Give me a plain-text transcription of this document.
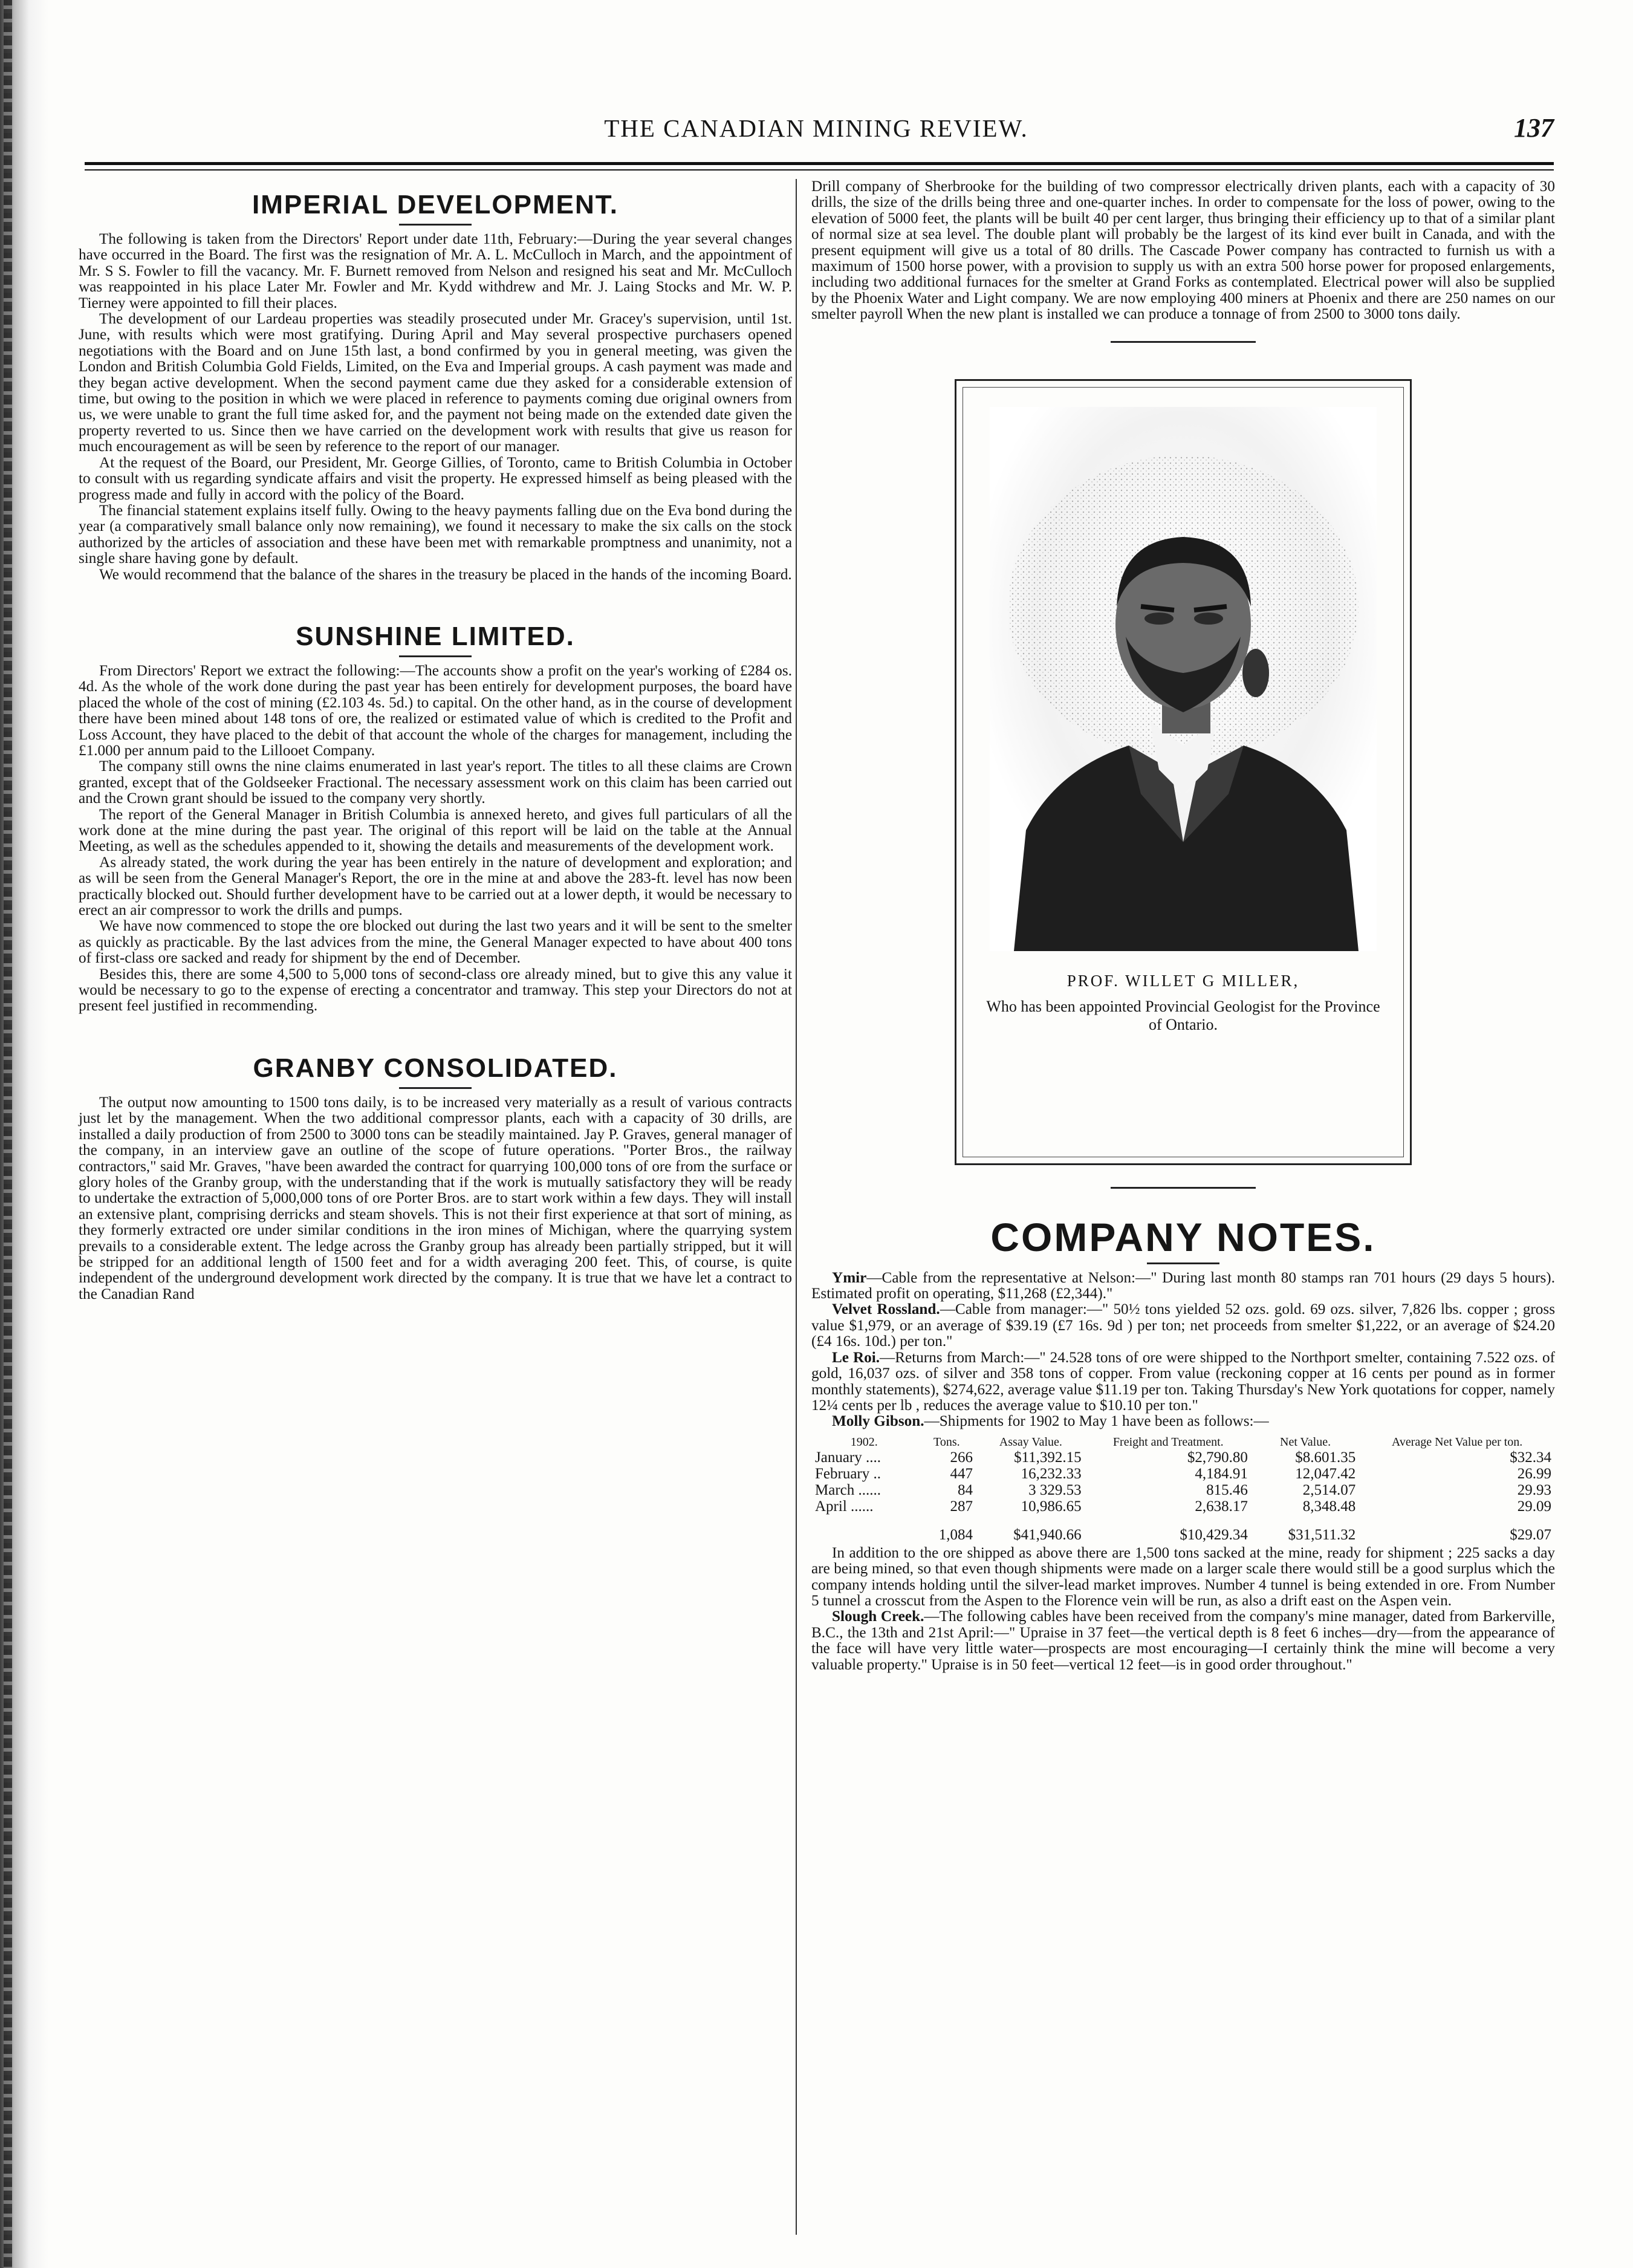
THE CANADIAN MINING REVIEW.	137
IMPERIAL DEVELOPMENT.

The following is taken from the Directors' Report under date 11th, February:—During the year several changes have occurred in the Board. The first was the resignation of Mr. A. L. McCulloch in March, and the appointment of Mr. S S. Fowler to fill the vacancy. Mr. F. Burnett removed from Nelson and resigned his seat and Mr. McCulloch was reappointed in his place Later Mr. Fowler and Mr. Kydd withdrew and Mr. J. Laing Stocks and Mr. W. P. Tierney were appointed to fill their places.

The development of our Lardeau properties was steadily prosecuted under Mr. Gracey's supervision, until 1st. June, with results which were most gratifying. During April and May several prospective purchasers opened negotiations with the Board and on June 15th last, a bond confirmed by you in general meeting, was given the London and British Columbia Gold Fields, Limited, on the Eva and Imperial groups. A cash payment was made and they began active development. When the second payment came due they asked for a considerable extension of time, but owing to the position in which we were placed in reference to payments coming due original owners from us, we were unable to grant the full time asked for, and the payment not being made on the extended date given the property reverted to us. Since then we have carried on the development work with results that give us reason for much encouragement as will be seen by reference to the report of our manager.

At the request of the Board, our President, Mr. George Gillies, of Toronto, came to British Columbia in October to consult with us regarding syndicate affairs and visit the property. He expressed himself as being pleased with the progress made and fully in accord with the policy of the Board.

The financial statement explains itself fully. Owing to the heavy payments falling due on the Eva bond during the year (a comparatively small balance only now remaining), we found it necessary to make the six calls on the stock authorized by the articles of association and these have been met with remarkable promptness and unanimity, not a single share having gone by default.

We would recommend that the balance of the shares in the treasury be placed in the hands of the incoming Board.

SUNSHINE LIMITED.

From Directors' Report we extract the following:—The accounts show a profit on the year's working of £284 os. 4d. As the whole of the work done during the past year has been entirely for development purposes, the board have placed the whole of the cost of mining (£2.103 4s. 5d.) to capital. On the other hand, as in the course of development there have been mined about 148 tons of ore, the realized or estimated value of which is credited to the Profit and Loss Account, they have placed to the debit of that account the whole of the charges for management, including the £1.000 per annum paid to the Lillooet Company.

The company still owns the nine claims enumerated in last year's report. The titles to all these claims are Crown granted, except that of the Goldseeker Fractional. The necessary assessment work on this claim has been carried out and the Crown grant should be issued to the company very shortly.

The report of the General Manager in British Columbia is annexed hereto, and gives full particulars of all the work done at the mine during the past year. The original of this report will be laid on the table at the Annual Meeting, as well as the schedules appended to it, showing the details and measurements of the development work.

As already stated, the work during the year has been entirely in the nature of development and exploration; and as will be seen from the General Manager's Report, the ore in the mine at and above the 283-ft. level has now been practically blocked out. Should further development have to be carried out at a lower depth, it would be necessary to erect an air compressor to work the drills and pumps.

We have now commenced to stope the ore blocked out during the last two years and it will be sent to the smelter as quickly as practicable. By the last advices from the mine, the General Manager expected to have about 400 tons of first-class ore sacked and ready for shipment by the end of December.

Besides this, there are some 4,500 to 5,000 tons of second-class ore already mined, but to give this any value it would be necessary to go to the expense of erecting a concentrator and tramway. This step your Directors do not at present feel justified in recommending.

GRANBY CONSOLIDATED.

The output now amounting to 1500 tons daily, is to be increased very materially as a result of various contracts just let by the management. When the two additional compressor plants, each with a capacity of 30 drills, are installed a daily production of from 2500 to 3000 tons can be steadily maintained. Jay P. Graves, general manager of the company, in an interview gave an outline of the scope of future operations. "Porter Bros., the railway contractors," said Mr. Graves, "have been awarded the contract for quarrying 100,000 tons of ore from the surface or glory holes of the Granby group, with the understanding that if the work is mutually satisfactory they will be ready to undertake the extraction of 5,000,000 tons of ore Porter Bros. are to start work within a few days. They will install an extensive plant, comprising derricks and steam shovels. This is not their first experience at that sort of mining, as they formerly extracted ore under similar conditions in the iron mines of Michigan, where the quarrying system prevails to a considerable extent. The ledge across the Granby group has already been partially stripped, but it will be stripped for an additional length of 1500 feet and for a width averaging 200 feet. This, of course, is quite independent of the underground development work directed by the company. It is true that we have let a contract to the Canadian Rand

Drill company of Sherbrooke for the building of two compressor electrically driven plants, each with a capacity of 30 drills, the size of the drills being three and one-quarter inches. In order to compensate for the loss of power, owing to the elevation of 5000 feet, the plants will be built 40 per cent larger, thus bringing their efficiency up to that of a similar plant of normal size at sea level. The double plant will probably be the largest of its kind ever built in Canada, and with the present equipment will give us a total of 80 drills. The Cascade Power company has contracted to furnish us with a maximum of 1500 horse power, with a provision to supply us with an extra 500 horse power for proposed enlargements, including two additional furnaces for the smelter at Grand Forks as contemplated. Electrical power will also be supplied by the Phoenix Water and Light company. We are now employing 400 miners at Phoenix and there are 250 names on our smelter payroll When the new plant is installed we can produce a tonnage of from 2500 to 3000 tons daily.

PROF. WILLET G MILLER,
Who has been appointed Provincial Geologist for the Province of Ontario.
COMPANY NOTES.

Ymir—Cable from the representative at Nelson:—" During last month 80 stamps ran 701 hours (29 days 5 hours). Estimated profit on operating, $11,268 (£2,344)."

Velvet Rossland.—Cable from manager:—" 50½ tons yielded 52 ozs. gold. 69 ozs. silver, 7,826 lbs. copper ; gross value $1,979, or an average of $39.19 (£7 16s. 9d ) per ton; net proceeds from smelter $1,222, or an average of $24.20 (£4 16s. 10d.) per ton."

Le Roi.—Returns from March:—" 24.528 tons of ore were shipped to the Northport smelter, containing 7.522 ozs. of gold, 16,037 ozs. of silver and 358 tons of copper. From value (reckoning copper at 16 cents per pound as in former monthly statements), $274,622, average value $11.19 per ton. Taking Thursday's New York quotations for copper, namely 12¼ cents per lb , reduces the average value to $10.10 per ton."

Molly Gibson.—Shipments for 1902 to May 1 have been as follows:—

1902.	Tons.	Assay Value.	Freight and Treatment.	Net Value.	Average Net Value per ton.
January ....	266	$11,392.15	$2,790.80	$8.601.35	$32.34
February ..	447	16,232.33	4,184.91	12,047.42	26.99
March ......	84	3 329.53	815.46	2,514.07	29.93
April ......	287	10,986.65	2,638.17	8,348.48	29.09
	1,084	$41,940.66	$10,429.34	$31,511.32	$29.07

In addition to the ore shipped as above there are 1,500 tons sacked at the mine, ready for shipment ; 225 sacks a day are being mined, so that even though shipments were made on a larger scale there would still be a good surplus which the company intends holding until the silver-lead market improves. Number 4 tunnel is being extended in ore. From Number 5 tunnel a crosscut from the Aspen to the Florence vein will be run, as also a drift east on the Aspen vein.

Slough Creek.—The following cables have been received from the company's mine manager, dated from Barkerville, B.C., the 13th and 21st April:—" Upraise in 37 feet—the vertical depth is 8 feet 6 inches—dry—from the appearance of the face will have very little water—prospects are most encouraging—I certainly think the mine will become a very valuable property." Upraise is in 50 feet—vertical 12 feet—is in good order throughout."
